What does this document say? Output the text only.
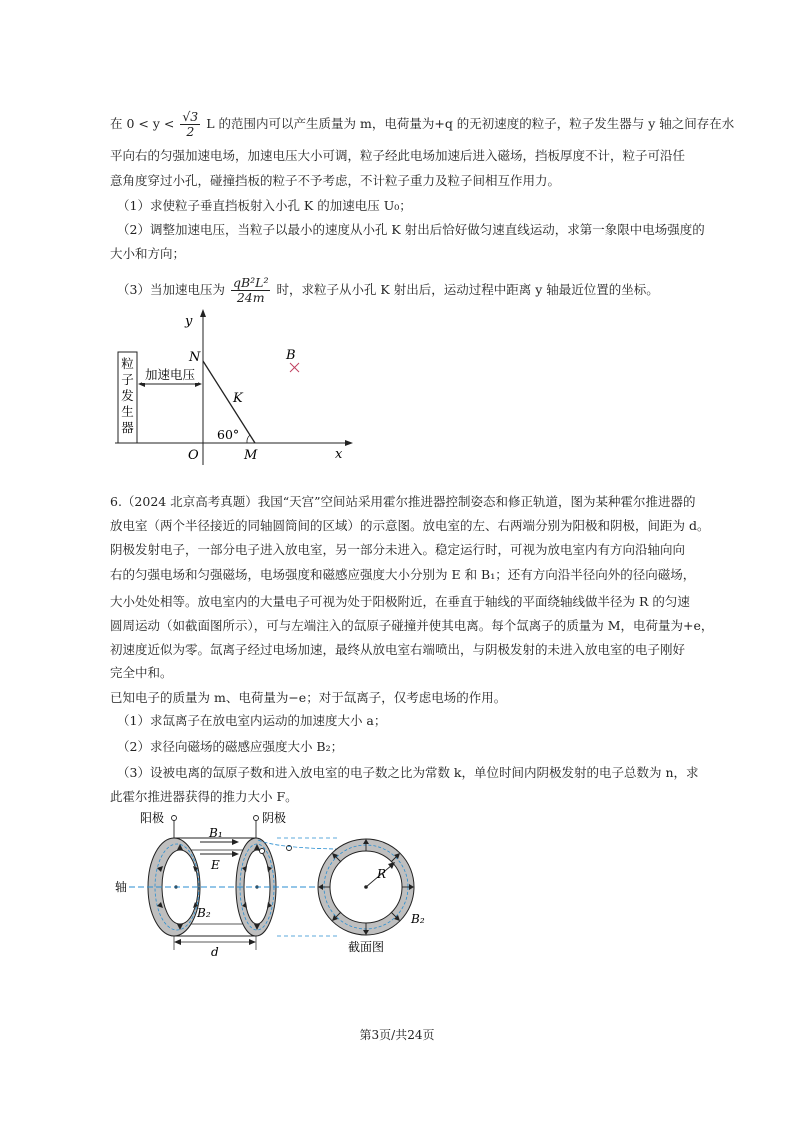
在 $0 < y < \frac{√3}{2}$ L 的范围内可以产生质量为 m，电荷量为+q 的无初速度的粒子，粒子发生器与 y 轴之间存在水
平向右的匀强加速电场，加速电压大小可调，粒子经此电场加速后进入磁场，挡板厚度不计，粒子可沿任
意角度穿过小孔，碰撞挡板的粒子不予考虑，不计粒子重力及粒子间相互作用力。
（1）求使粒子垂直挡板射入小孔 K 的加速电压 U₀；
（2）调整加速电压，当粒子以最小的速度从小孔 K 射出后恰好做匀速直线运动，求第一象限中电场强度的
大小和方向；
（3）当加速电压为 $\frac{\text{qB²L²}}{24m}$ 时，求粒子从小孔 K 射出后，运动过程中距离 y 轴最近位置的坐标。
y
x
粒
子
发
生
器
加速电压
N
K
M
O
60°
B
6.（2024 北京高考真题）我国“天宫”空间站采用霍尔推进器控制姿态和修正轨道，图为某种霍尔推进器的
放电室（两个半径接近的同轴圆筒间的区域）的示意图。放电室的左、右两端分别为阳极和阴极，间距为 d。
阴极发射电子，一部分电子进入放电室，另一部分未进入。稳定运行时，可视为放电室内有方向沿轴向向
右的匀强电场和匀强磁场，电场强度和磁感应强度大小分别为 E 和 B₁；还有方向沿半径向外的径向磁场，
大小处处相等。放电室内的大量电子可视为处于阳极附近，在垂直于轴线的平面绕轴线做半径为 R 的匀速
圆周运动（如截面图所示），可与左端注入的氙原子碰撞并使其电离。每个氙离子的质量为 M，电荷量为+e，
初速度近似为零。氙离子经过电场加速，最终从放电室右端喷出，与阴极发射的未进入放电室的电子刚好
完全中和。
已知电子的质量为 m、电荷量为−e；对于氙离子，仅考虑电场的作用。
（1）求氙离子在放电室内运动的加速度大小 a；
（2）求径向磁场的磁感应强度大小 B₂；
（3）设被电离的氙原子数和进入放电室的电子数之比为常数 k，单位时间内阴极发射的电子总数为 n，求
此霍尔推进器获得的推力大小 F。
阳极	阴极
B₁
E
B₂
轴
d
R
B₂
截面图
第3页/共24页
